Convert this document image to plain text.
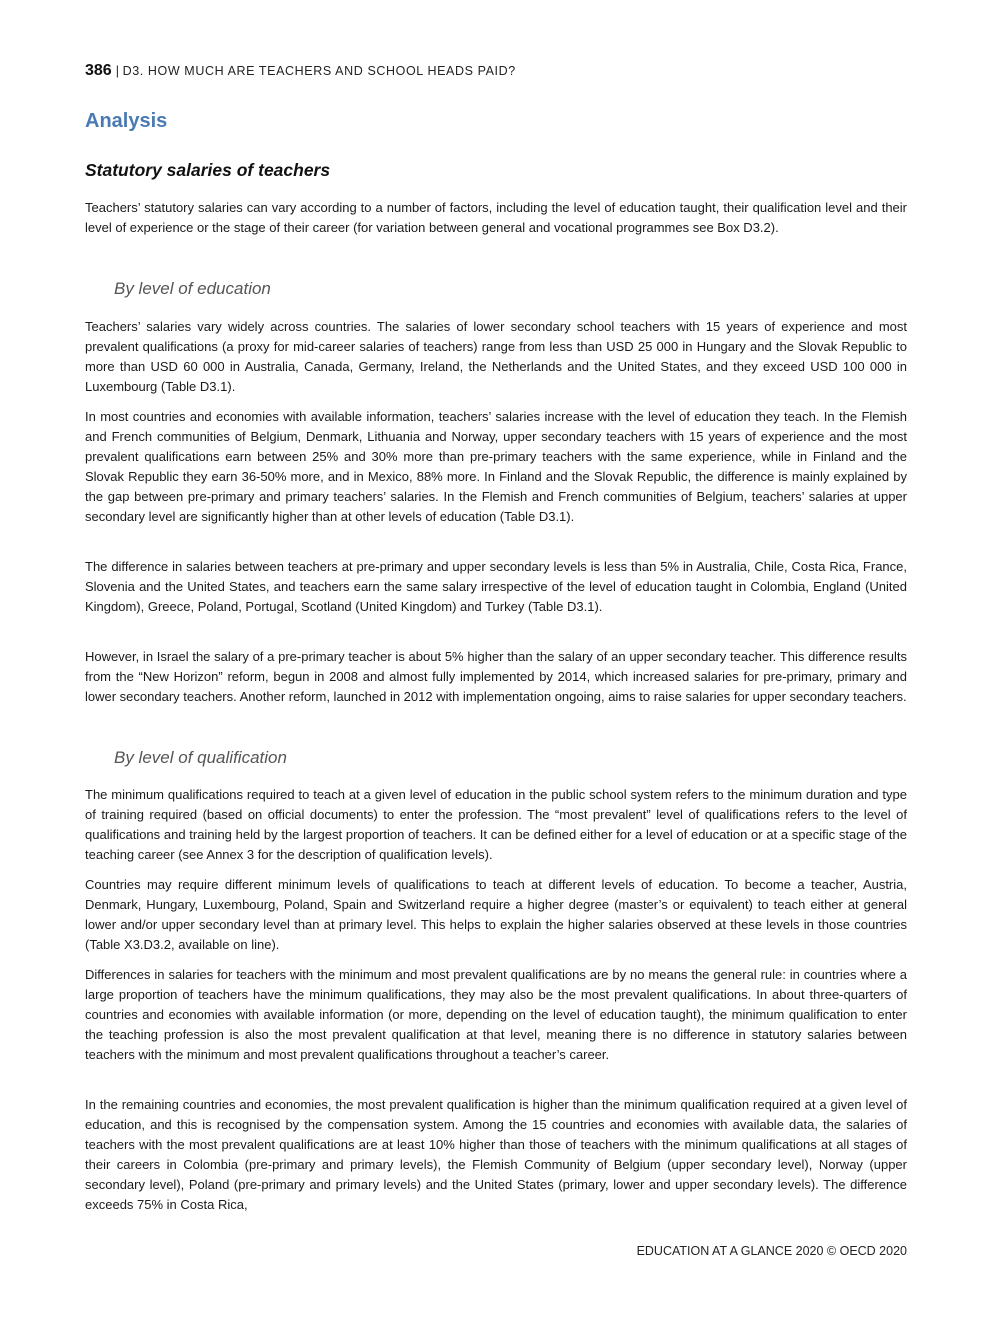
386 | D3. HOW MUCH ARE TEACHERS AND SCHOOL HEADS PAID?
Analysis
Statutory salaries of teachers

Teachers’ statutory salaries can vary according to a number of factors, including the level of education taught, their qualification level and their level of experience or the stage of their career (for variation between general and vocational programmes see Box D3.2).

By level of education

Teachers’ salaries vary widely across countries. The salaries of lower secondary school teachers with 15 years of experience and most prevalent qualifications (a proxy for mid-career salaries of teachers) range from less than USD 25 000 in Hungary and the Slovak Republic to more than USD 60 000 in Australia, Canada, Germany, Ireland, the Netherlands and the United States, and they exceed USD 100 000 in Luxembourg (Table D3.1).

In most countries and economies with available information, teachers’ salaries increase with the level of education they teach. In the Flemish and French communities of Belgium, Denmark, Lithuania and Norway, upper secondary teachers with 15 years of experience and the most prevalent qualifications earn between 25% and 30% more than pre-primary teachers with the same experience, while in Finland and the Slovak Republic they earn 36-50% more, and in Mexico, 88% more. In Finland and the Slovak Republic, the difference is mainly explained by the gap between pre-primary and primary teachers’ salaries. In the Flemish and French communities of Belgium, teachers’ salaries at upper secondary level are significantly higher than at other levels of education (Table D3.1).

The difference in salaries between teachers at pre-primary and upper secondary levels is less than 5% in Australia, Chile, Costa Rica, France, Slovenia and the United States, and teachers earn the same salary irrespective of the level of education taught in Colombia, England (United Kingdom), Greece, Poland, Portugal, Scotland (United Kingdom) and Turkey (Table D3.1).

However, in Israel the salary of a pre-primary teacher is about 5% higher than the salary of an upper secondary teacher. This difference results from the “New Horizon” reform, begun in 2008 and almost fully implemented by 2014, which increased salaries for pre-primary, primary and lower secondary teachers. Another reform, launched in 2012 with implementation ongoing, aims to raise salaries for upper secondary teachers.

By level of qualification

The minimum qualifications required to teach at a given level of education in the public school system refers to the minimum duration and type of training required (based on official documents) to enter the profession. The “most prevalent” level of qualifications refers to the level of qualifications and training held by the largest proportion of teachers. It can be defined either for a level of education or at a specific stage of the teaching career (see Annex 3 for the description of qualification levels).

Countries may require different minimum levels of qualifications to teach at different levels of education. To become a teacher, Austria, Denmark, Hungary, Luxembourg, Poland, Spain and Switzerland require a higher degree (master’s or equivalent) to teach either at general lower and/or upper secondary level than at primary level. This helps to explain the higher salaries observed at these levels in those countries (Table X3.D3.2, available on line).

Differences in salaries for teachers with the minimum and most prevalent qualifications are by no means the general rule: in countries where a large proportion of teachers have the minimum qualifications, they may also be the most prevalent qualifications. In about three-quarters of countries and economies with available information (or more, depending on the level of education taught), the minimum qualification to enter the teaching profession is also the most prevalent qualification at that level, meaning there is no difference in statutory salaries between teachers with the minimum and most prevalent qualifications throughout a teacher’s career.

In the remaining countries and economies, the most prevalent qualification is higher than the minimum qualification required at a given level of education, and this is recognised by the compensation system. Among the 15 countries and economies with available data, the salaries of teachers with the most prevalent qualifications are at least 10% higher than those of teachers with the minimum qualifications at all stages of their careers in Colombia (pre-primary and primary levels), the Flemish Community of Belgium (upper secondary level), Norway (upper secondary level), Poland (pre-primary and primary levels) and the United States (primary, lower and upper secondary levels). The difference exceeds 75% in Costa Rica,

EDUCATION AT A GLANCE 2020 © OECD 2020
